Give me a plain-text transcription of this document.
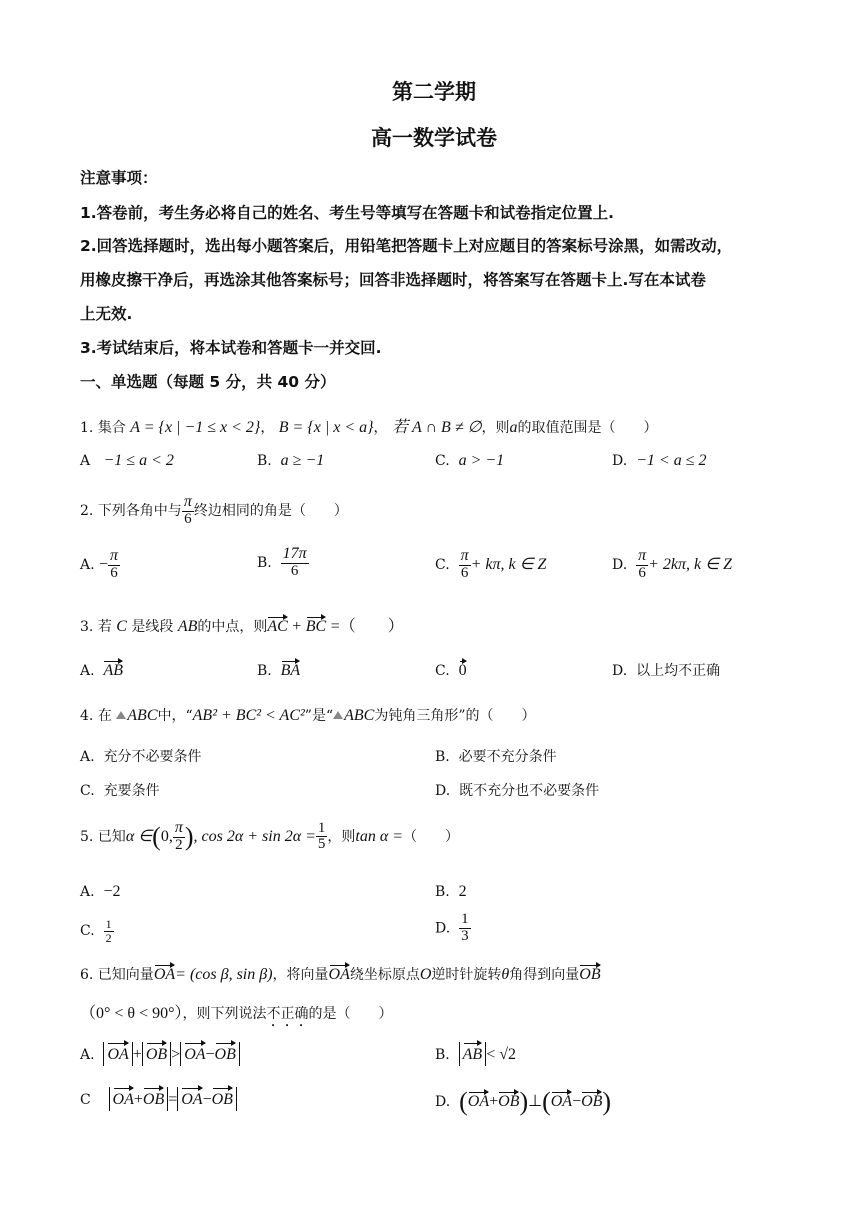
第二学期
高一数学试卷
注意事项：
1.答卷前，考生务必将自己的姓名、考生号等填写在答题卡和试卷指定位置上.
2.回答选择题时，选出每小题答案后，用铅笔把答题卡上对应题目的答案标号涂黑，如需改动，
用橡皮擦干净后，再选涂其他答案标号；回答非选择题时，将答案写在答题卡上.写在本试卷
上无效.
3.考试结束后，将本试卷和答题卡一并交回.
一、单选题（每题 5 分，共 40 分）
1. 集合 A = {x | −1 ≤ x < 2}， B = {x | x < a}， 若 A ∩ B ≠ ∅，则a的取值范围是（　　）
A −1 ≤ a < 2	B. a ≥ −1	C. a > −1	D. −1 < a ≤ 2
2. 下列各角中与 $\frac{\pi}{6}$ 终边相同的角是（　　）
A. − $\frac{\pi}{6}$	B. $\frac{17\pi}{6}$	C. $\frac{\pi}{6} + k\pi$, k ∈ Z	D. $\frac{\pi}{6} + 2k\pi$, k ∈ Z
3. 若 C 是线段 AB的中点，则AC + BC =（　　）
A. AB	B. BA	C. 0	D. 以上均不正确
4. 在 ABC中，“AB² + BC² < AC²”是“ ABC为钝角三角形”的（　　）
A. 充分不必要条件	B. 必要不充分条件
C. 充要条件	D. 既不充分也不必要条件
5. 已知α ∈(0, $\frac{\pi}{2}$ ), $\cos 2\alpha + \sin 2\alpha = \frac{1}{5}$ ，则tan α =（　　）
A. −2	B. 2
C. $\frac{1}{2}$	D. $\frac{1}{3}$
6. 已知向量OA= (cos β, sin β)，将向量OA绕坐标原点O逆时针旋转θ角得到向量OB
（0° < θ < 90°），则下列说法不正确的是（　　）
A. OA + OB > OA−OB	B. AB < √2
C OA+OB = OA−OB	D. (OA+OB)⊥(OA−OB)
